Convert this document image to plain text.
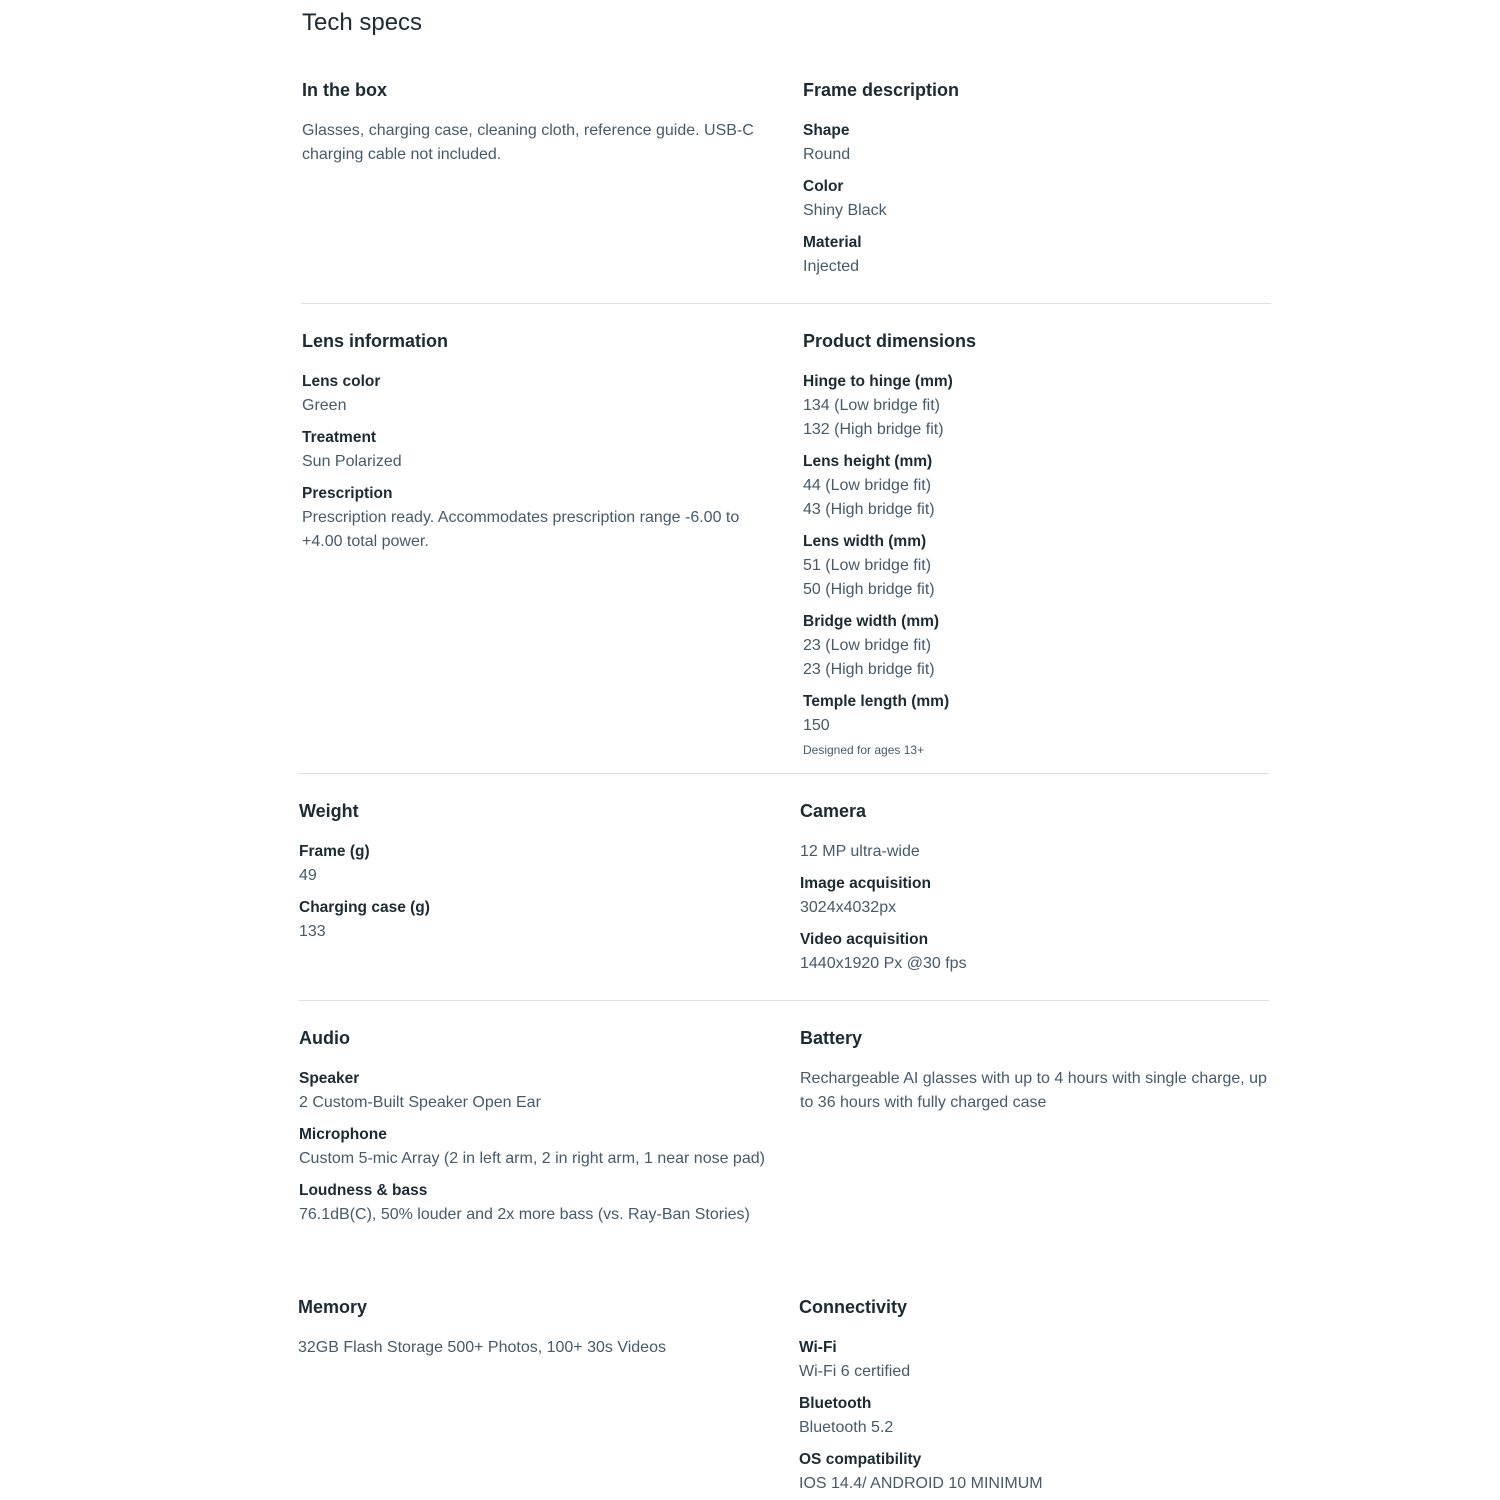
Tech specs
In the box

Glasses, charging case, cleaning cloth, reference guide. USB-C charging cable not included.

Frame description
Shape
Round
Color
Shiny Black
Material
Injected
Lens information
Lens color
Green
Treatment
Sun Polarized
Prescription
Prescription ready. Accommodates prescription range -6.00 to +4.00 total power.
Product dimensions
Hinge to hinge (mm)
134 (Low bridge fit)
132 (High bridge fit)
Lens height (mm)
44 (Low bridge fit)
43 (High bridge fit)
Lens width (mm)
51 (Low bridge fit)
50 (High bridge fit)
Bridge width (mm)
23 (Low bridge fit)
23 (High bridge fit)
Temple length (mm)
150
Designed for ages 13+
Weight
Frame (g)
49
Charging case (g)
133
Camera
12 MP ultra-wide
Image acquisition
3024x4032px
Video acquisition
1440x1920 Px @30 fps
Audio
Speaker
2 Custom-Built Speaker Open Ear
Microphone
Custom 5-mic Array (2 in left arm, 2 in right arm, 1 near nose pad)
Loudness & bass
76.1dB(C), 50% louder and 2x more bass (vs. Ray-Ban Stories)
Battery

Rechargeable AI glasses with up to 4 hours with single charge, up to 36 hours with fully charged case

Memory

32GB Flash Storage 500+ Photos, 100+ 30s Videos

Connectivity
Wi-Fi
Wi-Fi 6 certified
Bluetooth
Bluetooth 5.2
OS compatibility
IOS 14.4/ ANDROID 10 MINIMUM
